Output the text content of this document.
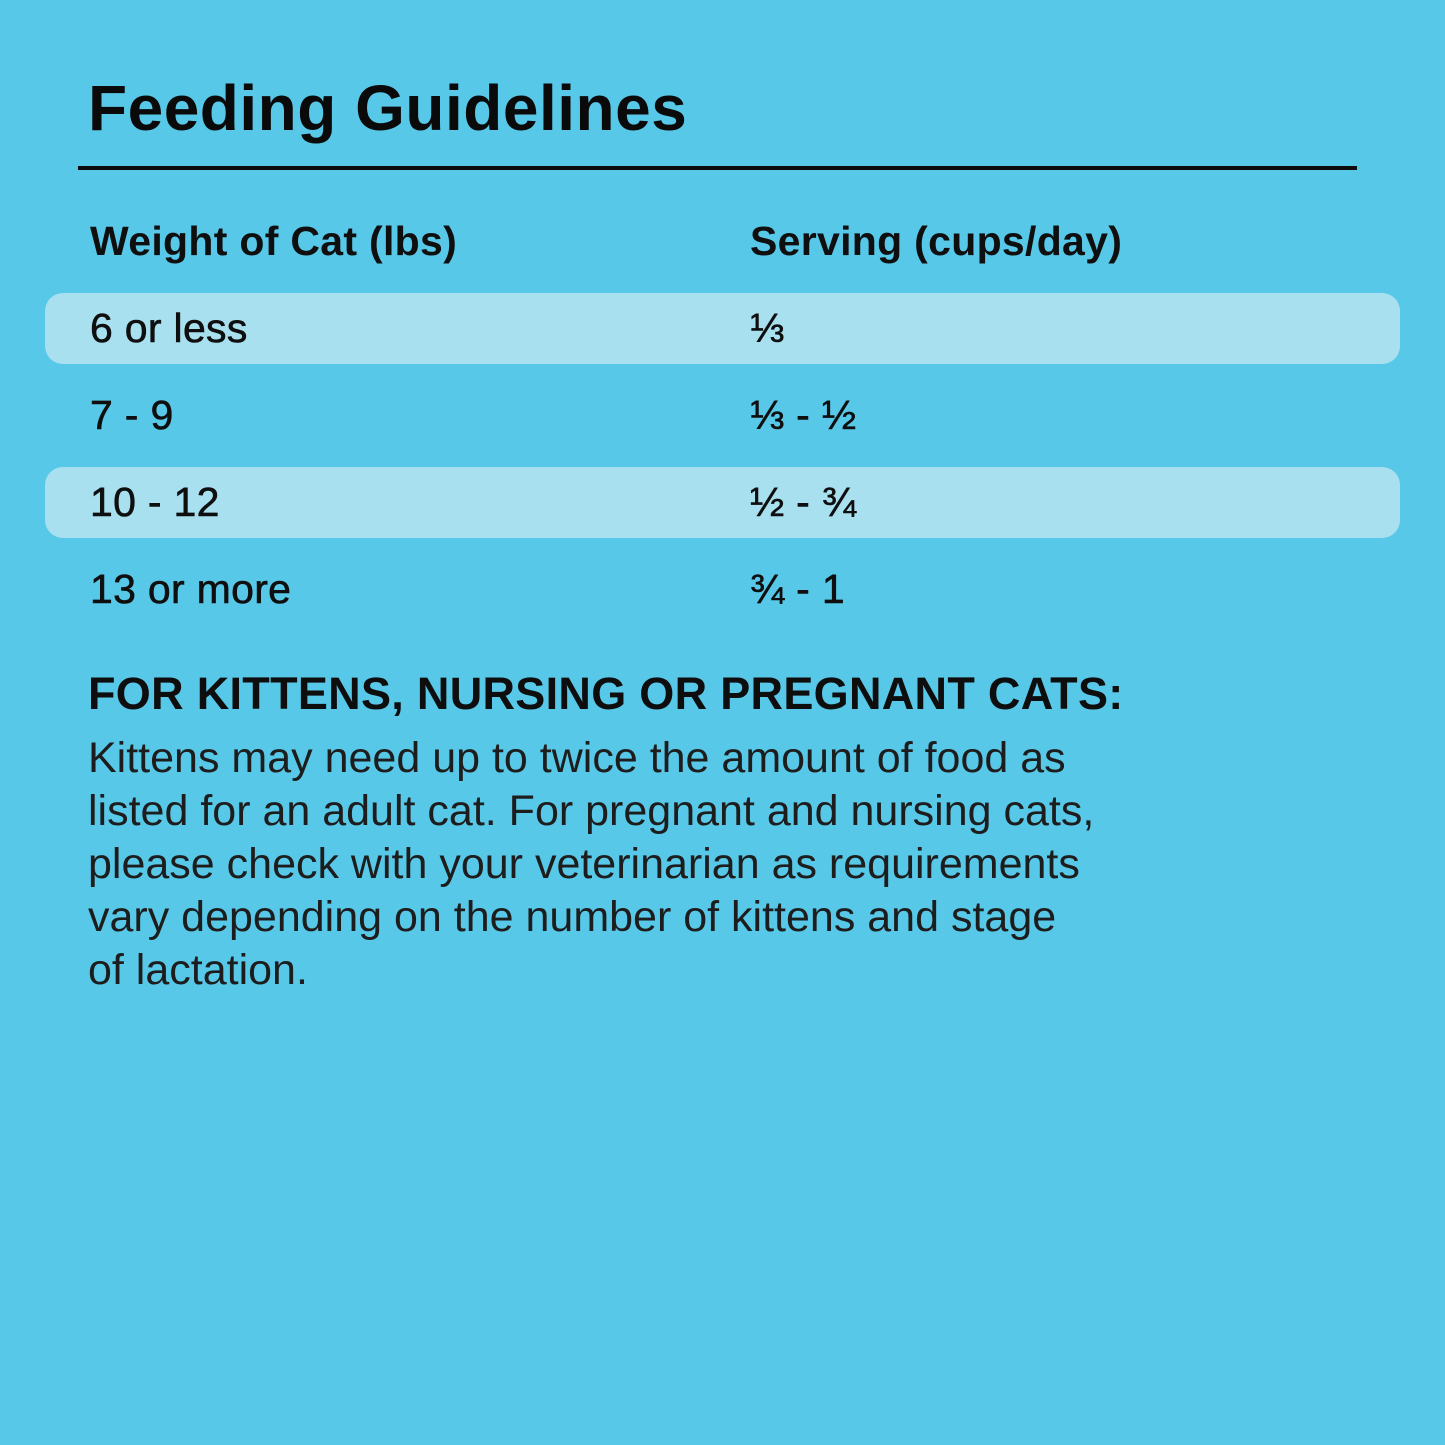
Feeding Guidelines
Weight of Cat (lbs)	Serving (cups/day)
6 or less	⅓
7 - 9	⅓ - ½
10 - 12	½ - ¾
13 or more	¾ - 1
FOR KITTENS, NURSING OR PREGNANT CATS:
Kittens may need up to twice the amount of food as
listed for an adult cat. For pregnant and nursing cats,
please check with your veterinarian as requirements
vary depending on the number of kittens and stage
of lactation.
